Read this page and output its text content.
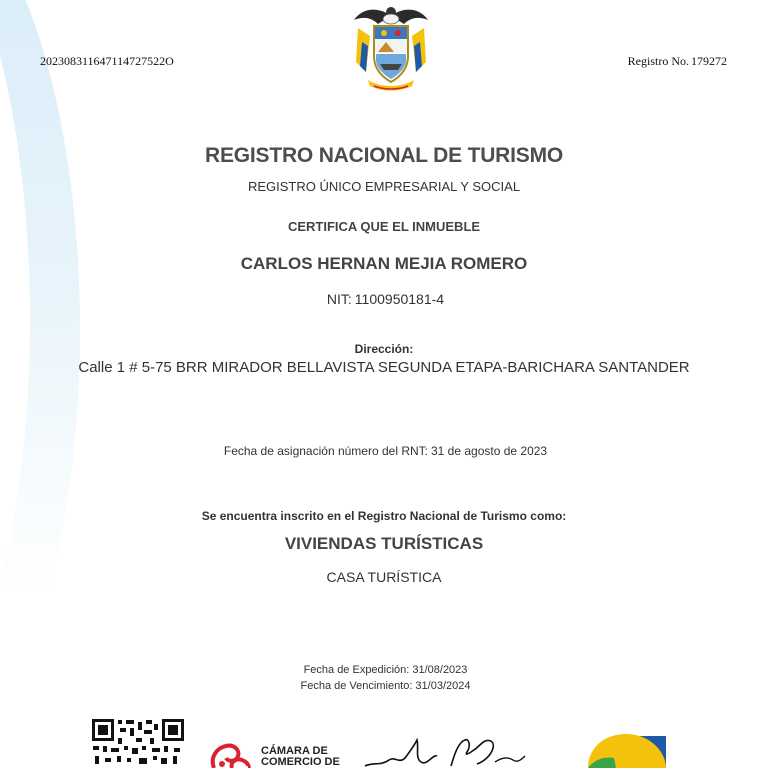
202308311647114727522O	Registro No. 179272
REGISTRO NACIONAL DE TURISMO
REGISTRO ÚNICO EMPRESARIAL Y SOCIAL
CERTIFICA QUE EL INMUEBLE
CARLOS HERNAN MEJIA ROMERO
NIT: 1100950181-4
Dirección:
Calle 1 # 5-75 BRR MIRADOR BELLAVISTA SEGUNDA ETAPA-BARICHARA SANTANDER
Fecha de asignación número del RNT: 31 de agosto de 2023
Se encuentra inscrito en el Registro Nacional de Turismo como:
VIVIENDAS TURÍSTICAS
CASA TURÍSTICA
Fecha de Expedición: 31/08/2023
Fecha de Vencimiento: 31/03/2024
CÁMARA DE
COMERCIO DE
